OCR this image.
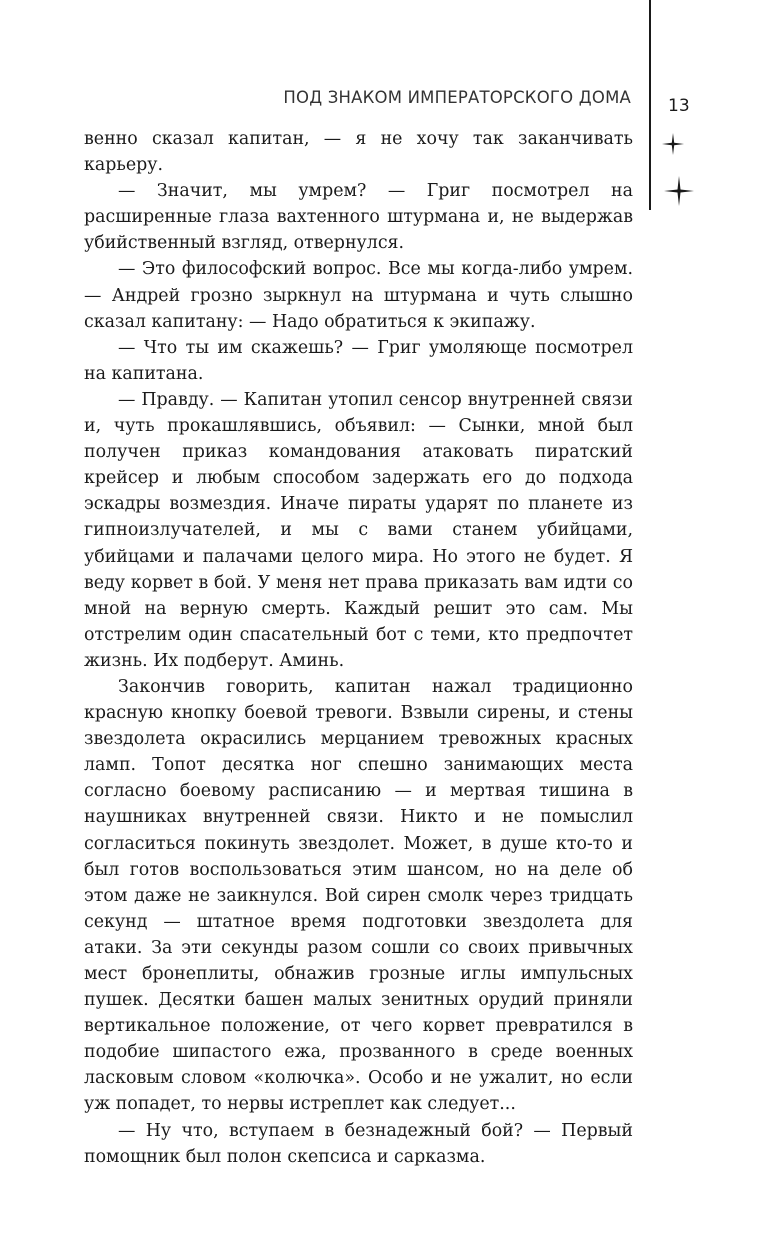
ПОД ЗНАКОМ ИМПЕРАТОРСКОГО ДОМА 13

венно сказал капитан, — я не хочу так заканчивать карьеру.

— Значит, мы умрем? — Григ посмотрел на расширенные глаза вахтенного штурмана и, не выдержав убийственный взгляд, отвернулся.

— Это философский вопрос. Все мы когда-либо умрем. — Андрей грозно зыркнул на штурмана и чуть слышно сказал капитану: — Надо обратиться к экипажу.

— Что ты им скажешь? — Григ умоляюще посмотрел на капитана.

— Правду. — Капитан утопил сенсор внутренней связи и, чуть прокашлявшись, объявил: — Сынки, мной был получен приказ командования атаковать пиратский крейсер и любым способом задержать его до подхода эскадры возмездия. Иначе пираты ударят по планете из гипноизлучателей, и мы с вами станем убийцами, убийцами и палачами целого мира. Но этого не будет. Я веду корвет в бой. У меня нет права приказать вам идти со мной на верную смерть. Каждый решит это сам. Мы отстрелим один спасательный бот с теми, кто предпочтет жизнь. Их подберут. Аминь.

Закончив говорить, капитан нажал традиционно красную кнопку боевой тревоги. Взвыли сирены, и стены звездолета окрасились мерцанием тревожных красных ламп. Топот десятка ног спешно занимающих места согласно боевому расписанию — и мертвая тишина в наушниках внутренней связи. Никто и не помыслил согласиться покинуть звездолет. Может, в душе кто-то и был готов воспользоваться этим шансом, но на деле об этом даже не заикнулся. Вой сирен смолк через тридцать секунд — штатное время подготовки звездолета для атаки. За эти секунды разом сошли со своих привычных мест бронеплиты, обнажив грозные иглы импульсных пушек. Десятки башен малых зенитных орудий приняли вертикальное положение, от чего корвет превратился в подобие шипастого ежа, прозванного в среде военных ласковым словом «колючка». Особо и не ужалит, но если уж попадет, то нервы истреплет как следует...

— Ну что, вступаем в безнадежный бой? — Первый помощник был полон скепсиса и сарказма.
